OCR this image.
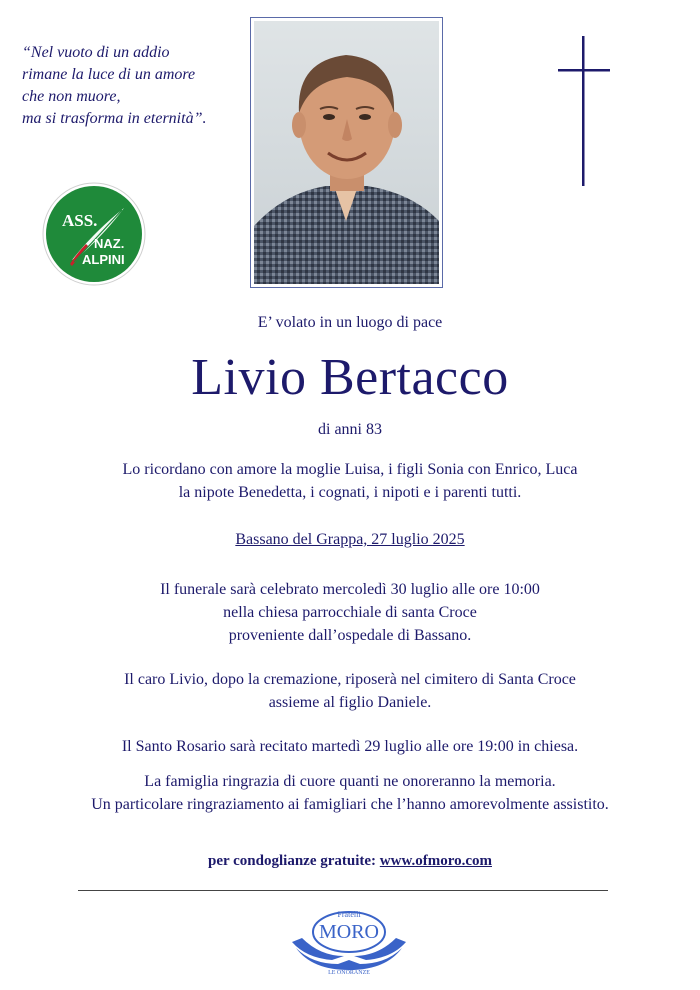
“Nel vuoto di un addio
rimane la luce di un amore
che non muore,
ma si trasforma in eternità”.
ASS.
NAZ.
ALPINI
E’ volato in un luogo di pace
Livio Bertacco
di anni 83
Lo ricordano con amore la moglie Luisa, i figli Sonia con Enrico, Luca
la nipote Benedetta, i cognati, i nipoti e i parenti tutti.
Bassano del Grappa, 27 luglio 2025
Il funerale sarà celebrato mercoledì 30 luglio alle ore 10:00
nella chiesa parrocchiale di santa Croce
proveniente dall’ospedale di Bassano.
Il caro Livio, dopo la cremazione, riposerà nel cimitero di Santa Croce
assieme al figlio Daniele.
Il Santo Rosario sarà recitato martedì 29 luglio alle ore 19:00 in chiesa.
La famiglia ringrazia di cuore quanti ne onoreranno la memoria.
Un particolare ringraziamento ai famigliari che l’hanno amorevolmente assistito.
per condoglianze gratuite: www.ofmoro.com
Fratelli
MORO
LE ONORANZE
